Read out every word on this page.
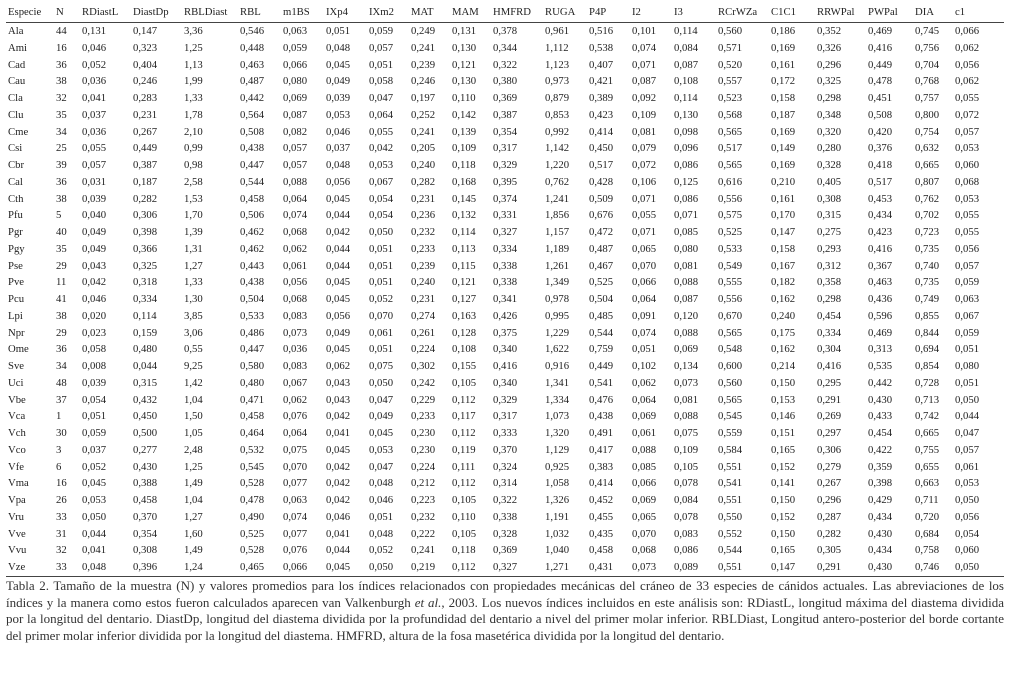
Especie	N	RDiastL	DiastDp	RBLDiast	RBL	m1BS	IXp4	IXm2	MAT	MAM	HMFRD	RUGA	P4P	I2	I3	RCrWZa	C1C1	RRWPal	PWPal	DIA	c1
Ala	44	0,131	0,147	3,36	0,546	0,063	0,051	0,059	0,249	0,131	0,378	0,961	0,516	0,101	0,114	0,560	0,186	0,352	0,469	0,745	0,066
Ami	16	0,046	0,323	1,25	0,448	0,059	0,048	0,057	0,241	0,130	0,344	1,112	0,538	0,074	0,084	0,571	0,169	0,326	0,416	0,756	0,062
Cad	36	0,052	0,404	1,13	0,463	0,066	0,045	0,051	0,239	0,121	0,322	1,123	0,407	0,071	0,087	0,520	0,161	0,296	0,449	0,704	0,056
Cau	38	0,036	0,246	1,99	0,487	0,080	0,049	0,058	0,246	0,130	0,380	0,973	0,421	0,087	0,108	0,557	0,172	0,325	0,478	0,768	0,062
Cla	32	0,041	0,283	1,33	0,442	0,069	0,039	0,047	0,197	0,110	0,369	0,879	0,389	0,092	0,114	0,523	0,158	0,298	0,451	0,757	0,055
Clu	35	0,037	0,231	1,78	0,564	0,087	0,053	0,064	0,252	0,142	0,387	0,853	0,423	0,109	0,130	0,568	0,187	0,348	0,508	0,800	0,072
Cme	34	0,036	0,267	2,10	0,508	0,082	0,046	0,055	0,241	0,139	0,354	0,992	0,414	0,081	0,098	0,565	0,169	0,320	0,420	0,754	0,057
Csi	25	0,055	0,449	0,99	0,438	0,057	0,037	0,042	0,205	0,109	0,317	1,142	0,450	0,079	0,096	0,517	0,149	0,280	0,376	0,632	0,053
Cbr	39	0,057	0,387	0,98	0,447	0,057	0,048	0,053	0,240	0,118	0,329	1,220	0,517	0,072	0,086	0,565	0,169	0,328	0,418	0,665	0,060
Cal	36	0,031	0,187	2,58	0,544	0,088	0,056	0,067	0,282	0,168	0,395	0,762	0,428	0,106	0,125	0,616	0,210	0,405	0,517	0,807	0,068
Cth	38	0,039	0,282	1,53	0,458	0,064	0,045	0,054	0,231	0,145	0,374	1,241	0,509	0,071	0,086	0,556	0,161	0,308	0,453	0,762	0,053
Pfu	5	0,040	0,306	1,70	0,506	0,074	0,044	0,054	0,236	0,132	0,331	1,856	0,676	0,055	0,071	0,575	0,170	0,315	0,434	0,702	0,055
Pgr	40	0,049	0,398	1,39	0,462	0,068	0,042	0,050	0,232	0,114	0,327	1,157	0,472	0,071	0,085	0,525	0,147	0,275	0,423	0,723	0,055
Pgy	35	0,049	0,366	1,31	0,462	0,062	0,044	0,051	0,233	0,113	0,334	1,189	0,487	0,065	0,080	0,533	0,158	0,293	0,416	0,735	0,056
Pse	29	0,043	0,325	1,27	0,443	0,061	0,044	0,051	0,239	0,115	0,338	1,261	0,467	0,070	0,081	0,549	0,167	0,312	0,367	0,740	0,057
Pve	11	0,042	0,318	1,33	0,438	0,056	0,045	0,051	0,240	0,121	0,338	1,349	0,525	0,066	0,088	0,555	0,182	0,358	0,463	0,735	0,059
Pcu	41	0,046	0,334	1,30	0,504	0,068	0,045	0,052	0,231	0,127	0,341	0,978	0,504	0,064	0,087	0,556	0,162	0,298	0,436	0,749	0,063
Lpi	38	0,020	0,114	3,85	0,533	0,083	0,056	0,070	0,274	0,163	0,426	0,995	0,485	0,091	0,120	0,670	0,240	0,454	0,596	0,855	0,067
Npr	29	0,023	0,159	3,06	0,486	0,073	0,049	0,061	0,261	0,128	0,375	1,229	0,544	0,074	0,088	0,565	0,175	0,334	0,469	0,844	0,059
Ome	36	0,058	0,480	0,55	0,447	0,036	0,045	0,051	0,224	0,108	0,340	1,622	0,759	0,051	0,069	0,548	0,162	0,304	0,313	0,694	0,051
Sve	34	0,008	0,044	9,25	0,580	0,083	0,062	0,075	0,302	0,155	0,416	0,916	0,449	0,102	0,134	0,600	0,214	0,416	0,535	0,854	0,080
Uci	48	0,039	0,315	1,42	0,480	0,067	0,043	0,050	0,242	0,105	0,340	1,341	0,541	0,062	0,073	0,560	0,150	0,295	0,442	0,728	0,051
Vbe	37	0,054	0,432	1,04	0,471	0,062	0,043	0,047	0,229	0,112	0,329	1,334	0,476	0,064	0,081	0,565	0,153	0,291	0,430	0,713	0,050
Vca	1	0,051	0,450	1,50	0,458	0,076	0,042	0,049	0,233	0,117	0,317	1,073	0,438	0,069	0,088	0,545	0,146	0,269	0,433	0,742	0,044
Vch	30	0,059	0,500	1,05	0,464	0,064	0,041	0,045	0,230	0,112	0,333	1,320	0,491	0,061	0,075	0,559	0,151	0,297	0,454	0,665	0,047
Vco	3	0,037	0,277	2,48	0,532	0,075	0,045	0,053	0,230	0,119	0,370	1,129	0,417	0,088	0,109	0,584	0,165	0,306	0,422	0,755	0,057
Vfe	6	0,052	0,430	1,25	0,545	0,070	0,042	0,047	0,224	0,111	0,324	0,925	0,383	0,085	0,105	0,551	0,152	0,279	0,359	0,655	0,061
Vma	16	0,045	0,388	1,49	0,528	0,077	0,042	0,048	0,212	0,112	0,314	1,058	0,414	0,066	0,078	0,541	0,141	0,267	0,398	0,663	0,053
Vpa	26	0,053	0,458	1,04	0,478	0,063	0,042	0,046	0,223	0,105	0,322	1,326	0,452	0,069	0,084	0,551	0,150	0,296	0,429	0,711	0,050
Vru	33	0,050	0,370	1,27	0,490	0,074	0,046	0,051	0,232	0,110	0,338	1,191	0,455	0,065	0,078	0,550	0,152	0,287	0,434	0,720	0,056
Vve	31	0,044	0,354	1,60	0,525	0,077	0,041	0,048	0,222	0,105	0,328	1,032	0,435	0,070	0,083	0,552	0,150	0,282	0,430	0,684	0,054
Vvu	32	0,041	0,308	1,49	0,528	0,076	0,044	0,052	0,241	0,118	0,369	1,040	0,458	0,068	0,086	0,544	0,165	0,305	0,434	0,758	0,060
Vze	33	0,048	0,396	1,24	0,465	0,066	0,045	0,050	0,219	0,112	0,327	1,271	0,431	0,073	0,089	0,551	0,147	0,291	0,430	0,746	0,050

Tabla 2. Tamaño de la muestra (N) y valores promedios para los índices relacionados con propiedades mecánicas del cráneo de 33 especies de cánidos actuales. Las abreviaciones de los índices y la manera como estos fueron calculados aparecen van Valkenburgh et al., 2003. Los nuevos índices incluidos en este análisis son: RDiastL, longitud máxima del diastema dividida por la longitud del dentario. DiastDp, longitud del diastema dividida por la profundidad del dentario a nivel del primer molar inferior. RBLDiast, Longitud antero-posterior del borde cortante del primer molar inferior dividida por la longitud del diastema. HMFRD, altura de la fosa masetérica dividida por la longitud del dentario.
